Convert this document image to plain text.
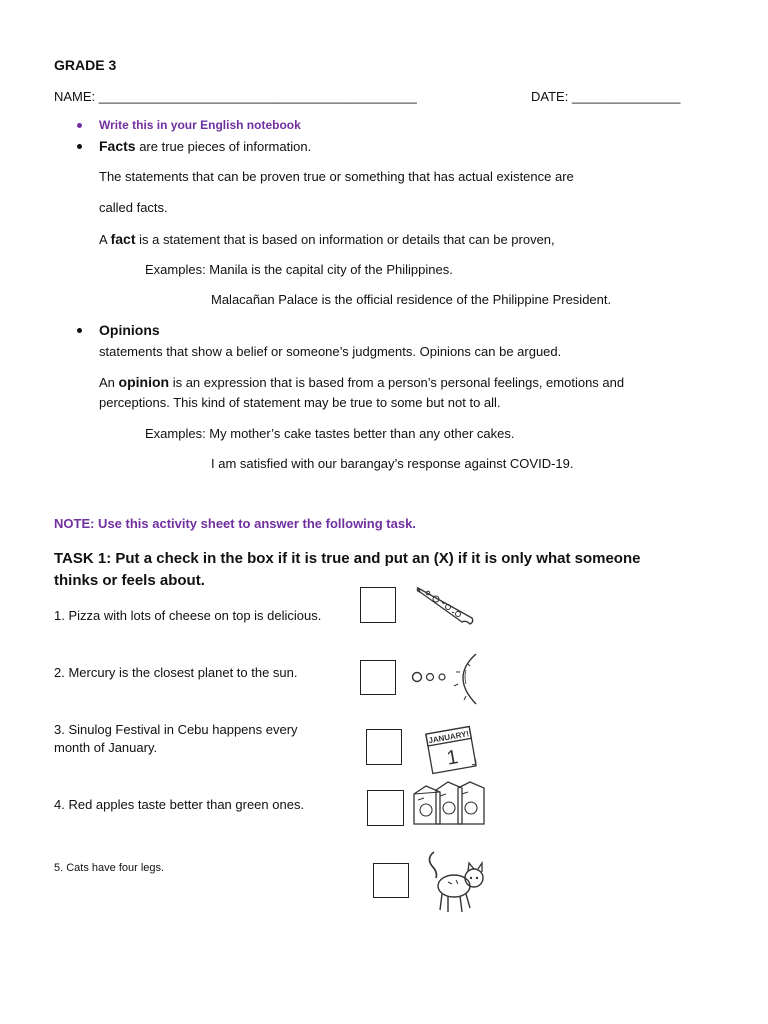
GRADE 3
NAME: ____________________________________________	DATE: _______________
Write this in your English notebook
Facts are true pieces of information.
The statements that can be proven true or something that has actual existence are
called facts.
A fact is a statement that is based on information or details that can be proven,
Examples: Manila is the capital city of the Philippines.
Malacañan Palace is the official residence of the Philippine President.
Opinions
statements that show a belief or someone’s judgments. Opinions can be argued.
An opinion is an expression that is based from a person’s personal feelings, emotions and
perceptions. This kind of statement may be true to some but not to all.
Examples: My mother’s cake tastes better than any other cakes.
I am satisfied with our barangay’s response against COVID-19.
NOTE: Use this activity sheet to answer the following task.
TASK 1: Put a check in the box if it is true and put an (X) if it is only what someone
thinks or feels about.
1. Pizza with lots of cheese on top is delicious.
2. Mercury is the closest planet to the sun.
3. Sinulog Festival in Cebu happens every
month of January.
JANUARY!
1
4. Red apples taste better than green ones.
5. Cats have four legs.
